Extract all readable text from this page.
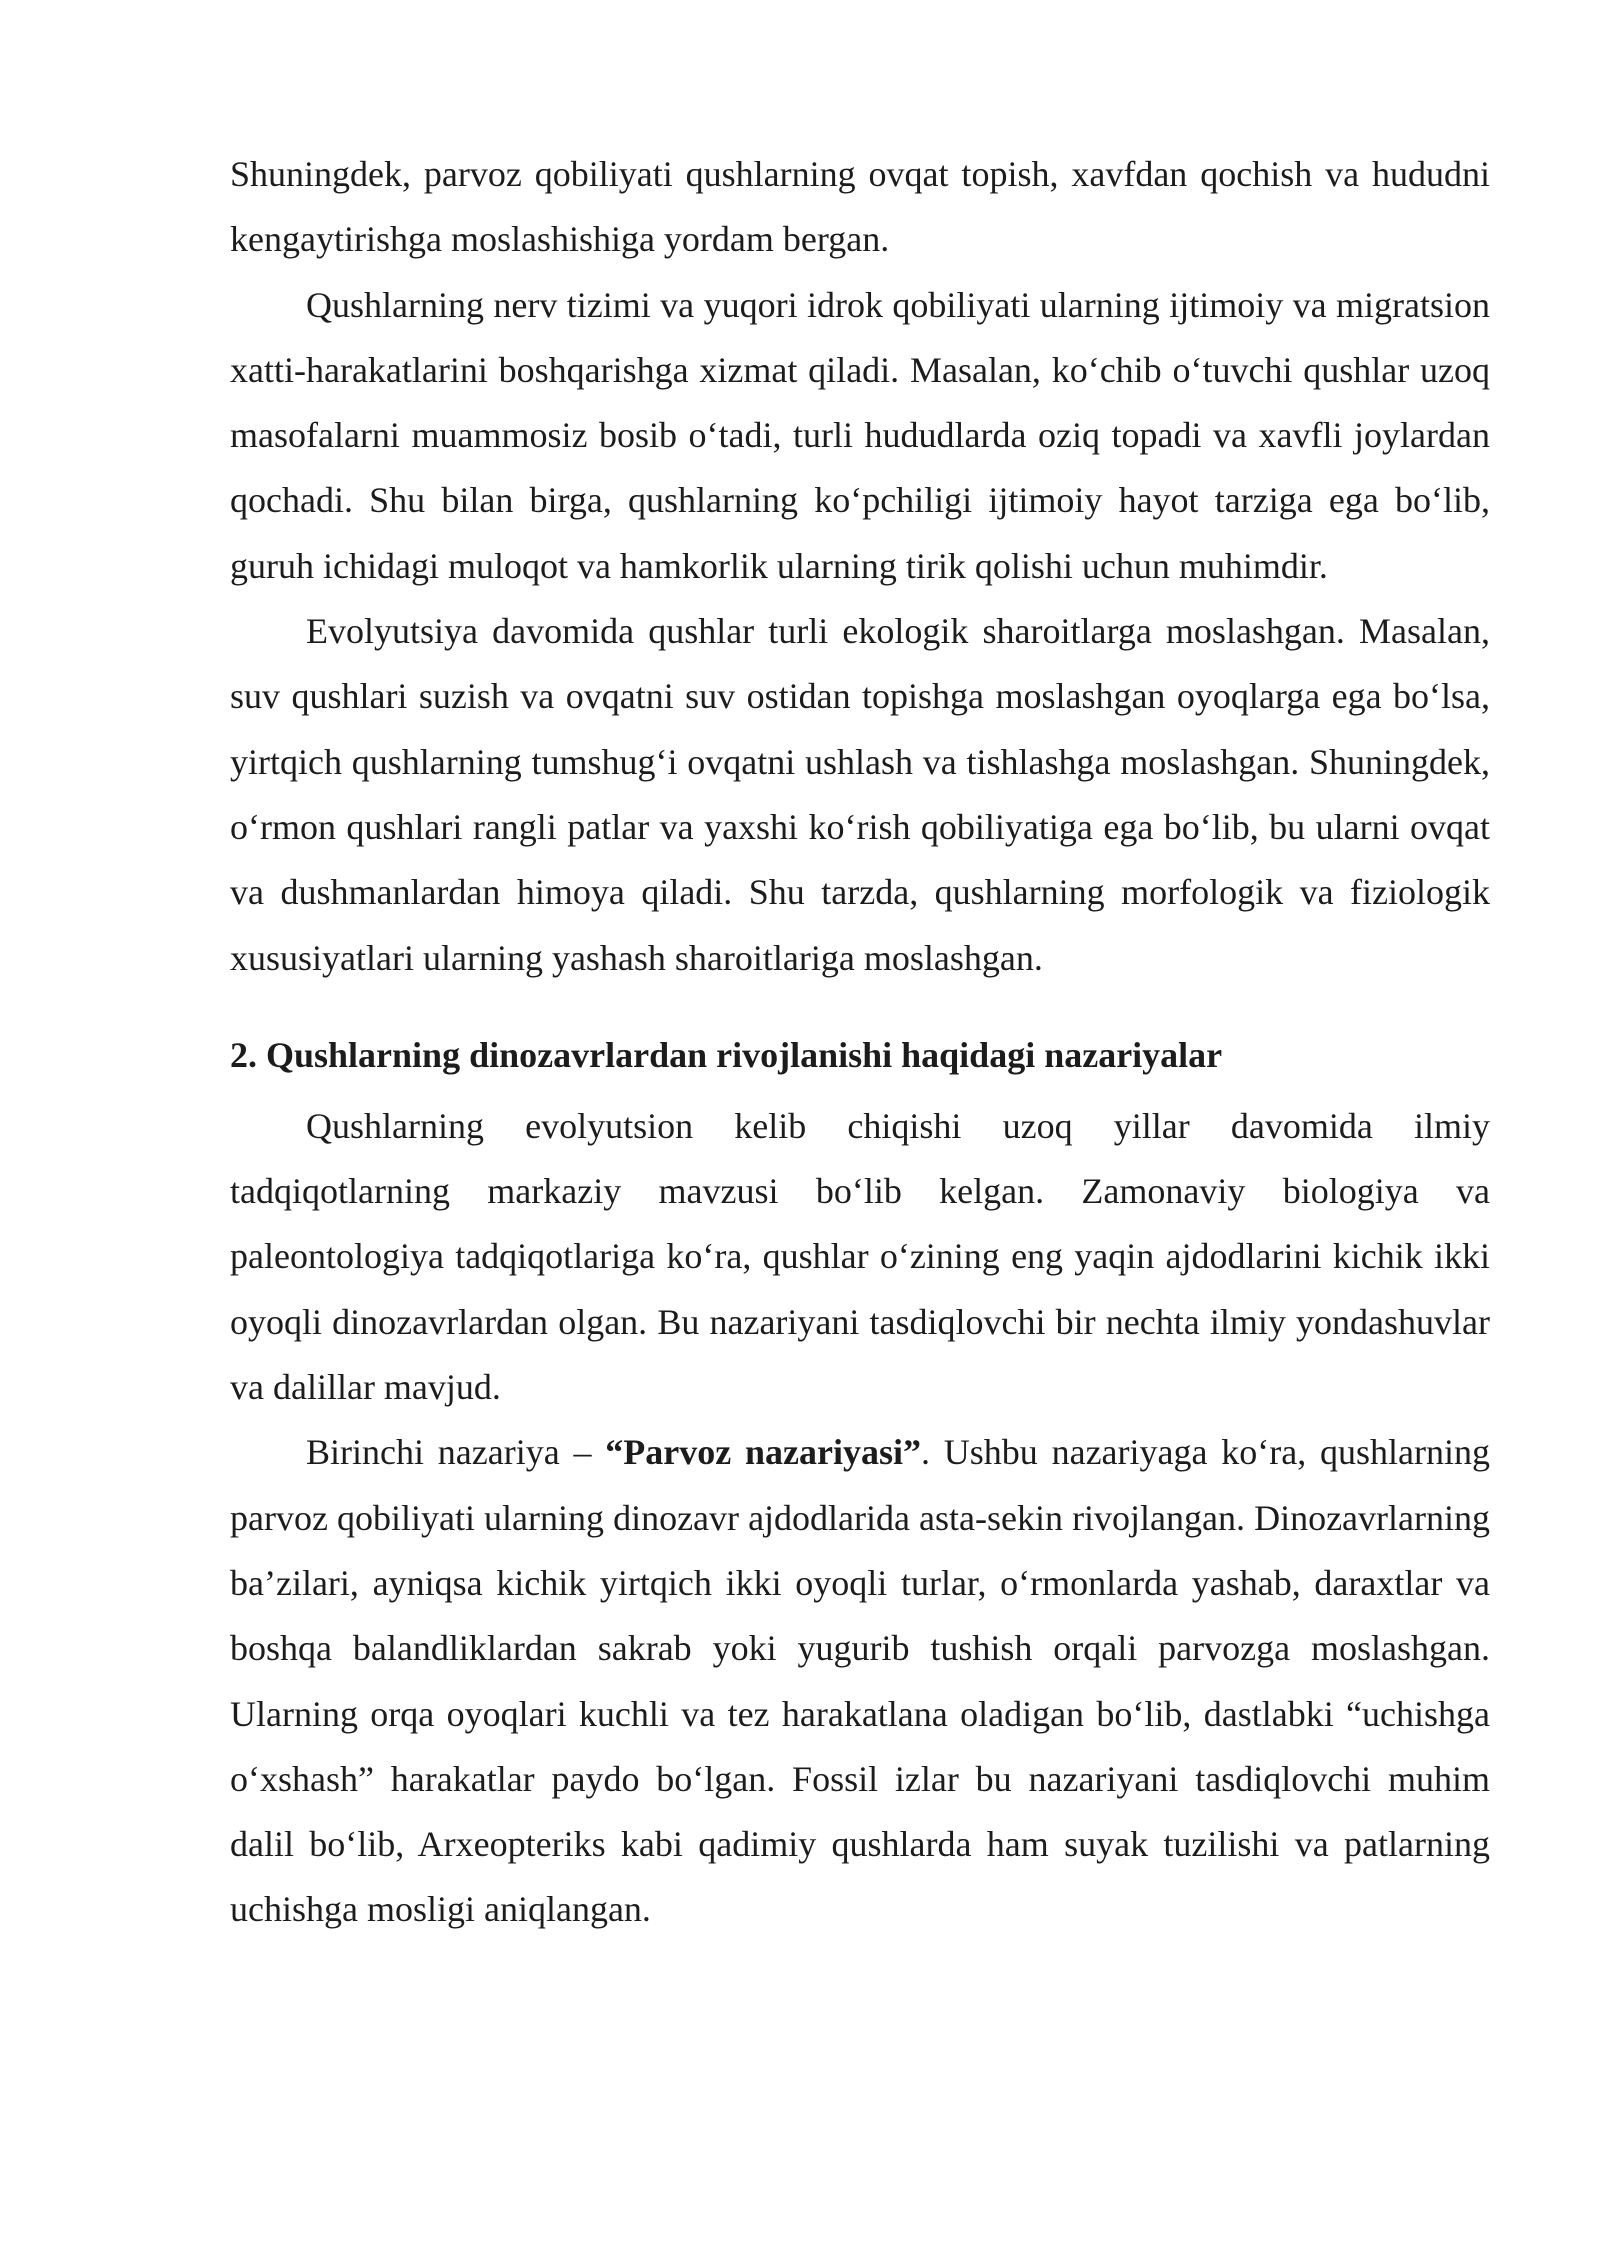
Shuningdek, parvoz qobiliyati qushlarning ovqat topish, xavfdan qochish va hududni kengaytirishga moslashishiga yordam bergan.

Qushlarning nerv tizimi va yuqori idrok qobiliyati ularning ijtimoiy va migratsion xatti-harakatlarini boshqarishga xizmat qiladi. Masalan, ko‘chib o‘tuvchi qushlar uzoq masofalarni muammosiz bosib o‘tadi, turli hududlarda oziq topadi va xavfli joylardan qochadi. Shu bilan birga, qushlarning ko‘pchiligi ijtimoiy hayot tarziga ega bo‘lib, guruh ichidagi muloqot va hamkorlik ularning tirik qolishi uchun muhimdir.

Evolyutsiya davomida qushlar turli ekologik sharoitlarga moslashgan. Masalan, suv qushlari suzish va ovqatni suv ostidan topishga moslashgan oyoqlarga ega bo‘lsa, yirtqich qushlarning tumshug‘i ovqatni ushlash va tishlashga moslashgan. Shuningdek, o‘rmon qushlari rangli patlar va yaxshi ko‘rish qobiliyatiga ega bo‘lib, bu ularni ovqat va dushmanlardan himoya qiladi. Shu tarzda, qushlarning morfologik va fiziologik xususiyatlari ularning yashash sharoitlariga moslashgan.

2. Qushlarning dinozavrlardan rivojlanishi haqidagi nazariyalar

Qushlarning evolyutsion kelib chiqishi uzoq yillar davomida ilmiy tadqiqotlarning markaziy mavzusi bo‘lib kelgan. Zamonaviy biologiya va paleontologiya tadqiqotlariga ko‘ra, qushlar o‘zining eng yaqin ajdodlarini kichik ikki oyoqli dinozavrlardan olgan. Bu nazariyani tasdiqlovchi bir nechta ilmiy yondashuvlar va dalillar mavjud.

Birinchi nazariya – “Parvoz nazariyasi”. Ushbu nazariyaga ko‘ra, qushlarning parvoz qobiliyati ularning dinozavr ajdodlarida asta-sekin rivojlangan. Dinozavrlarning ba’zilari, ayniqsa kichik yirtqich ikki oyoqli turlar, o‘rmonlarda yashab, daraxtlar va boshqa balandliklardan sakrab yoki yugurib tushish orqali parvozga moslashgan. Ularning orqa oyoqlari kuchli va tez harakatlana oladigan bo‘lib, dastlabki “uchishga o‘xshash” harakatlar paydo bo‘lgan. Fossil izlar bu nazariyani tasdiqlovchi muhim dalil bo‘lib, Arxeopteriks kabi qadimiy qushlarda ham suyak tuzilishi va patlarning uchishga mosligi aniqlangan.
